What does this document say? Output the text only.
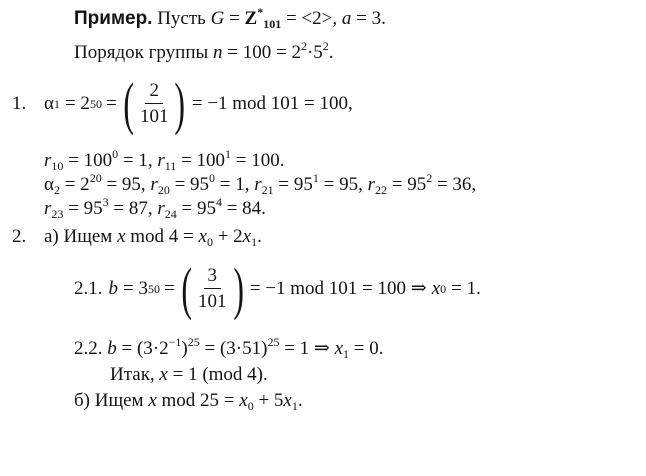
Пример. Пусть $G = Z^*_{101} = <2>$, a = 3.
Порядок группы $n = 100 = 2^2\cdot 5^2$.
1. α 1 = 2 50 = ( $\frac{2}{101}$ ) = −1 mod 101 = 100,
$r_{10} = 100^0 = 1$, $r_{11} = 100^1 = 100$.
$\alpha_2 = 2^{20} = 95$, $r_{20} = 95^0 = 1$, $r_{21} = 95^1 = 95$, $r_{22} = 95^2 = 36$,
$r_{23} = 95^3 = 87$, $r_{24} = 95^4 = 84$.
2. а) Ищем x mod $4 = x_0 + 2x_1$.
2.1. b = 3 50 = ( $\frac{3}{101}$ ) = −1 mod 101 = 100 ⇒ x 0 = 1.
2.2. $b = (3\cdot 2^{-1})^{25} = (3\cdot 51)^{25} = 1$ ⇒ $x_1 = 0$.
Итак, x = 1 (mod 4).
б) Ищем x mod $25 = x_0 + 5x_1$.
